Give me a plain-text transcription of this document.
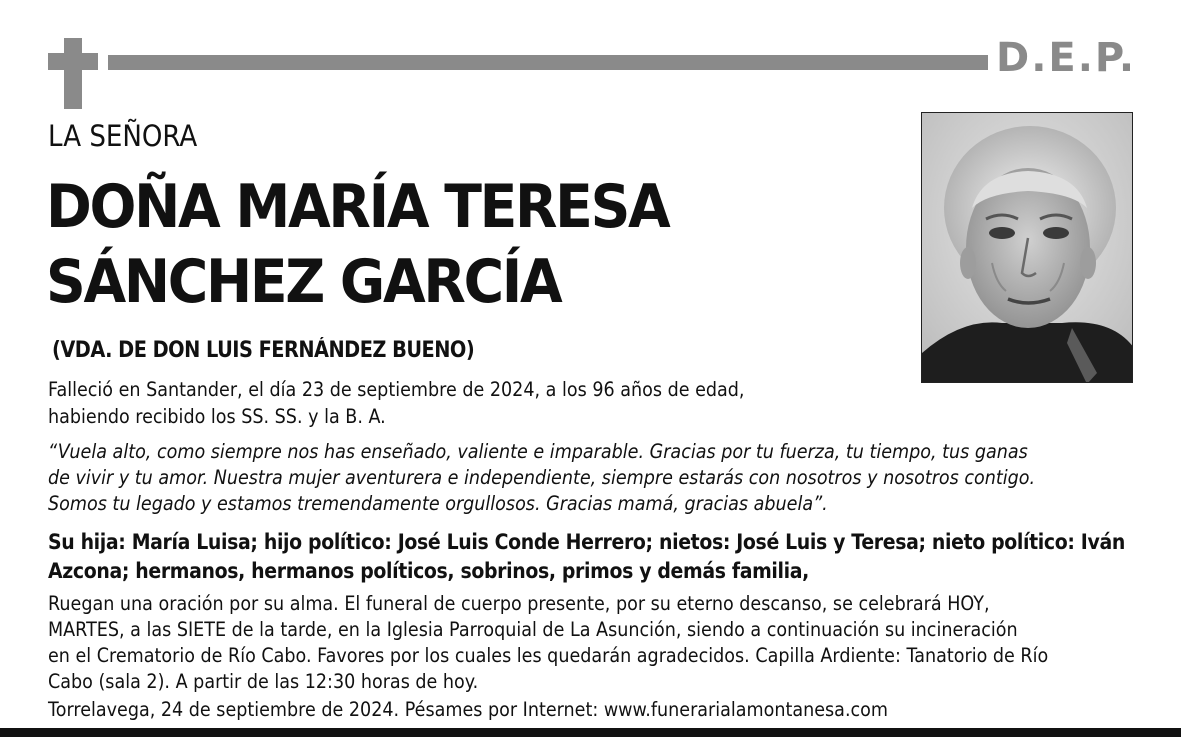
D.E.P.
LA SEÑORA
DOÑA MARÍA TERESA
SÁNCHEZ GARCÍA
(VDA. DE DON LUIS FERNÁNDEZ BUENO)
Falleció en Santander, el día 23 de septiembre de 2024, a los 96 años de edad,
habiendo recibido los SS. SS. y la B. A.
“Vuela alto, como siempre nos has enseñado, valiente e imparable. Gracias por tu fuerza, tu tiempo, tus ganas
de vivir y tu amor. Nuestra mujer aventurera e independiente, siempre estarás con nosotros y nosotros contigo.
Somos tu legado y estamos tremendamente orgullosos. Gracias mamá, gracias abuela”.
Su hija: María Luisa; hijo político: José Luis Conde Herrero; nietos: José Luis y Teresa; nieto político: Iván
Azcona; hermanos, hermanos políticos, sobrinos, primos y demás familia,
Ruegan una oración por su alma. El funeral de cuerpo presente, por su eterno descanso, se celebrará HOY,
MARTES, a las SIETE de la tarde, en la Iglesia Parroquial de La Asunción, siendo a continuación su incineración
en el Crematorio de Río Cabo. Favores por los cuales les quedarán agradecidos. Capilla Ardiente: Tanatorio de Río
Cabo (sala 2). A partir de las 12:30 horas de hoy.
Torrelavega, 24 de septiembre de 2024. Pésames por Internet: www.funerarialamontanesa.com
